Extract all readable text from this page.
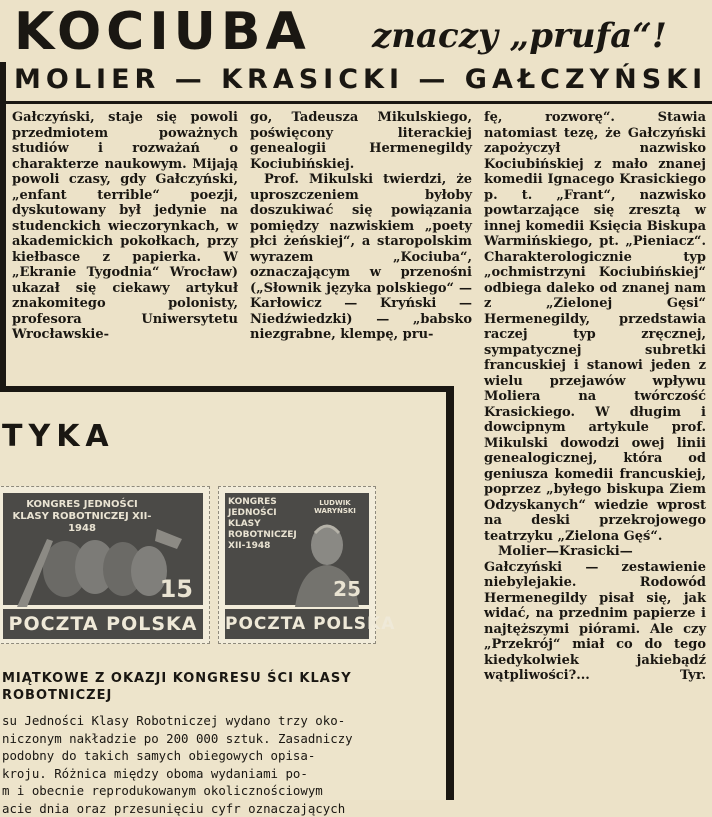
KOCIUBA znaczy „prufa“!
MOLIER — KRASICKI — GAŁCZYŃSKI

Gałczyński, staje się powoli przedmiotem poważnych studiów i rozważań o charakterze naukowym. Mijają powoli czasy, gdy Gałczyński, „enfant terrible“ poezji, dyskutowany był jedynie na studenckich wieczorynkach, w akademickich pokołkach, przy kiełbasce z papierka. W „Ekranie Tygodnia“ Wrocław) ukazał się ciekawy artykuł znakomitego polonisty, profesora Uniwersytetu Wrocławskie-

go, Tadeusza Mikulskiego, poświęcony literackiej genealogii Hermenegildy Kociubińskiej.

Prof. Mikulski twierdzi, że uproszczeniem byłoby doszukiwać się powiązania pomiędzy nazwiskiem „poety płci żeńskiej“, a staropolskim wyrazem „Kociuba“, oznaczającym w przenośni („Słownik języka polskiego“ — Karłowicz — Kryński — Niedźwiedzki) — „babsko niezgrabne, klempę, pru-

fę, rozworę“. Stawia natomiast tezę, że Gałczyński zapożyczył nazwisko Kociubińskiej z mało znanej komedii Ignacego Krasickiego p. t. „Frant“, nazwisko powtarzające się zresztą w innej komedii Księcia Biskupa Warmińskiego, pt. „Pieniacz“. Charakterologicznie typ „ochmistrzyni Kociubińskiej“ odbiega daleko od znanej nam z „Zielonej Gęsi“ Hermenegildy, przedstawia raczej typ zręcznej, sympatycznej subretki francuskiej i stanowi jeden z wielu przejawów wpływu Moliera na twórczość Krasickiego. W długim i dowcipnym artykule prof. Mikulski dowodzi owej linii genealogicznej, która od geniusza komedii francuskiej, poprzez „byłego biskupa Ziem Odzyskanych“ wiedzie wprost na deski przekrojowego teatrzyku „Zielona Gęś“.

Molier—Krasicki—Gałczyński — zestawienie niebylejakie. Rodowód Hermenegildy pisał się, jak widać, na przednim papierze i najtęższymi piórami. Ale czy „Przekrój“ miał co do tego kiedykolwiek jakiebądź wątpliwości?...	Tyr.

TYKA
KONGRES JEDNOŚCI KLASY ROBOTNICZEJ XII-1948
15
POCZTA POLSKA
KONGRES JEDNOŚCI KLASY ROBOTNICZEJ XII-1948
LUDWIK WARYŃSKI
25
POCZTA POLSKA
MIĄTKOWE Z OKAZJI KONGRESU ŚCI KLASY ROBOTNICZEJ
su Jedności Klasy Robotniczej wydano trzy oko-
niczonym nakładzie po 200 000 sztuk. Zasadniczy
podobny do takich samych obiegowych opisa-
kroju. Różnica między oboma wydaniami po-
m i obecnie reprodukowanym okolicznościowym
acie dnia oraz przesunięciu cyfr oznaczających
